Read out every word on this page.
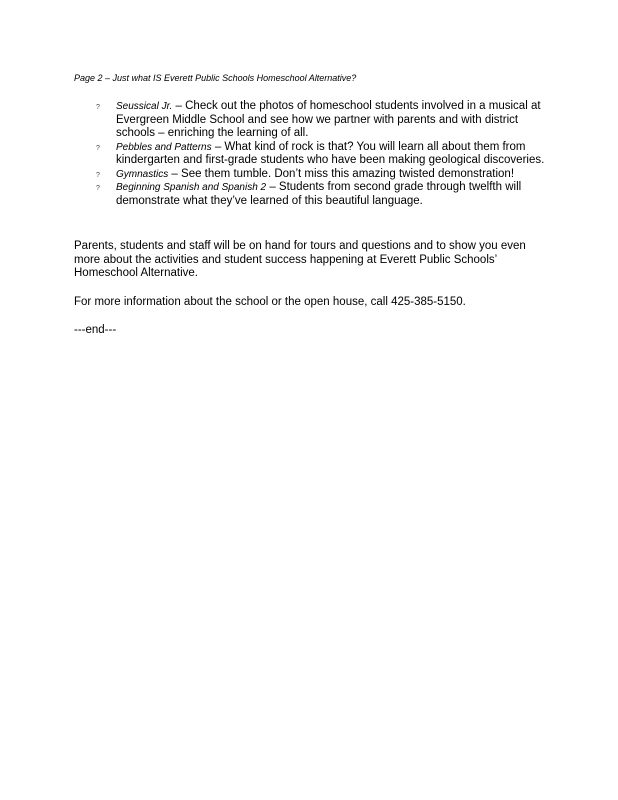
Page 2 – Just what IS Everett Public Schools Homeschool Alternative?
? Seussical Jr. – Check out the photos of homeschool students involved in a musical at Evergreen Middle School and see how we partner with parents and with district schools – enriching the learning of all.
? Pebbles and Patterns – What kind of rock is that? You will learn all about them from kindergarten and first-grade students who have been making geological discoveries.
? Gymnastics – See them tumble. Don’t miss this amazing twisted demonstration!
? Beginning Spanish and Spanish 2 – Students from second grade through twelfth will demonstrate what they’ve learned of this beautiful language.
Parents, students and staff will be on hand for tours and questions and to show you even more about the activities and student success happening at Everett Public Schools’ Homeschool Alternative.
For more information about the school or the open house, call 425-385-5150.
---end---
